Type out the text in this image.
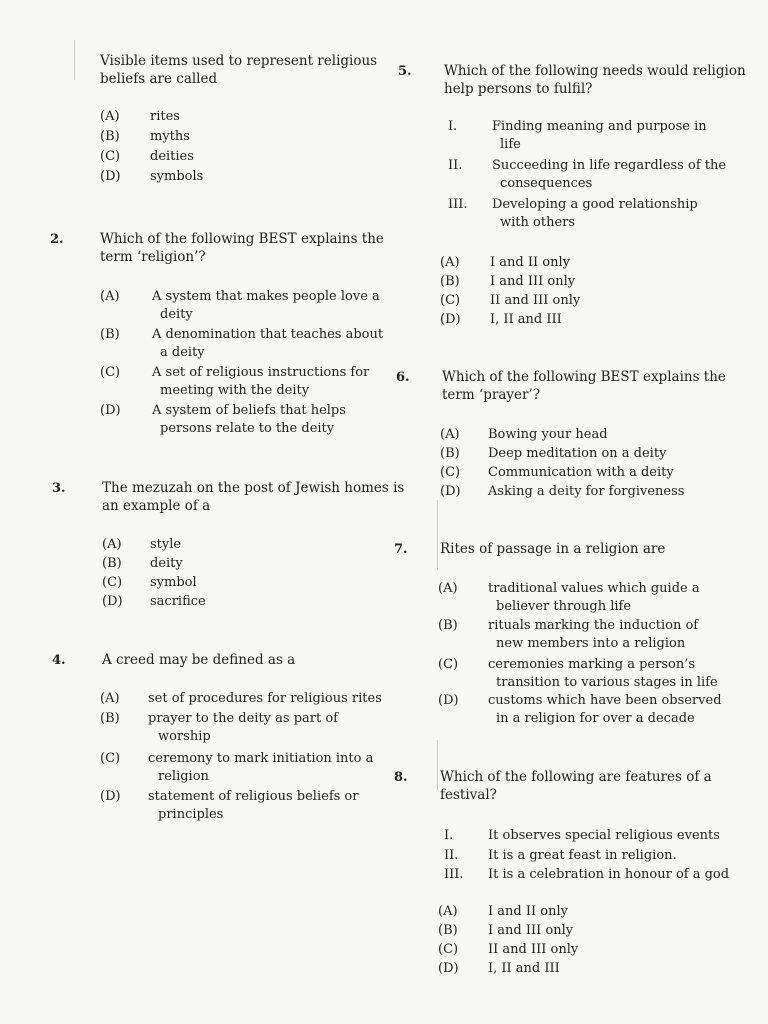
Visible items used to represent religious
beliefs are called
(A) rites
(B) myths
(C) deities
(D) symbols
2.	Which of the following BEST explains the
term ‘religion’?
(A) A system that makes people love a
deity
(B) A denomination that teaches about
a deity
(C) A set of religious instructions for
meeting with the deity
(D) A system of beliefs that helps
persons relate to the deity
3.	The mezuzah on the post of Jewish homes is
an example of a
(A) style
(B) deity
(C) symbol
(D) sacrifice
4.	A creed may be defined as a
(A) set of procedures for religious rites
(B) prayer to the deity as part of
worship
(C) ceremony to mark initiation into a
religion
(D) statement of religious beliefs or
principles
5. Which of the following needs would religion
help persons to fulfil?
I.	Finding meaning and purpose in
life
II. Succeeding in life regardless of the
consequences
III. Developing a good relationship
with others
(A) I and II only
(B) I and III only
(C) II and III only
(D) I, II and III
6. Which of the following BEST explains the
term ‘prayer’?
(A) Bowing your head
(B) Deep meditation on a deity
(C) Communication with a deity
(D) Asking a deity for forgiveness
7. Rites of passage in a religion are
(A) traditional values which guide a
believer through life
(B) rituals marking the induction of
new members into a religion
(C) ceremonies marking a person’s
transition to various stages in life
(D) customs which have been observed
in a religion for over a decade
8. Which of the following are features of a
festival?
I.	It observes special religious events
II. It is a great feast in religion.
III. It is a celebration in honour of a god
(A) I and II only
(B) I and III only
(C) II and III only
(D) I, II and III
